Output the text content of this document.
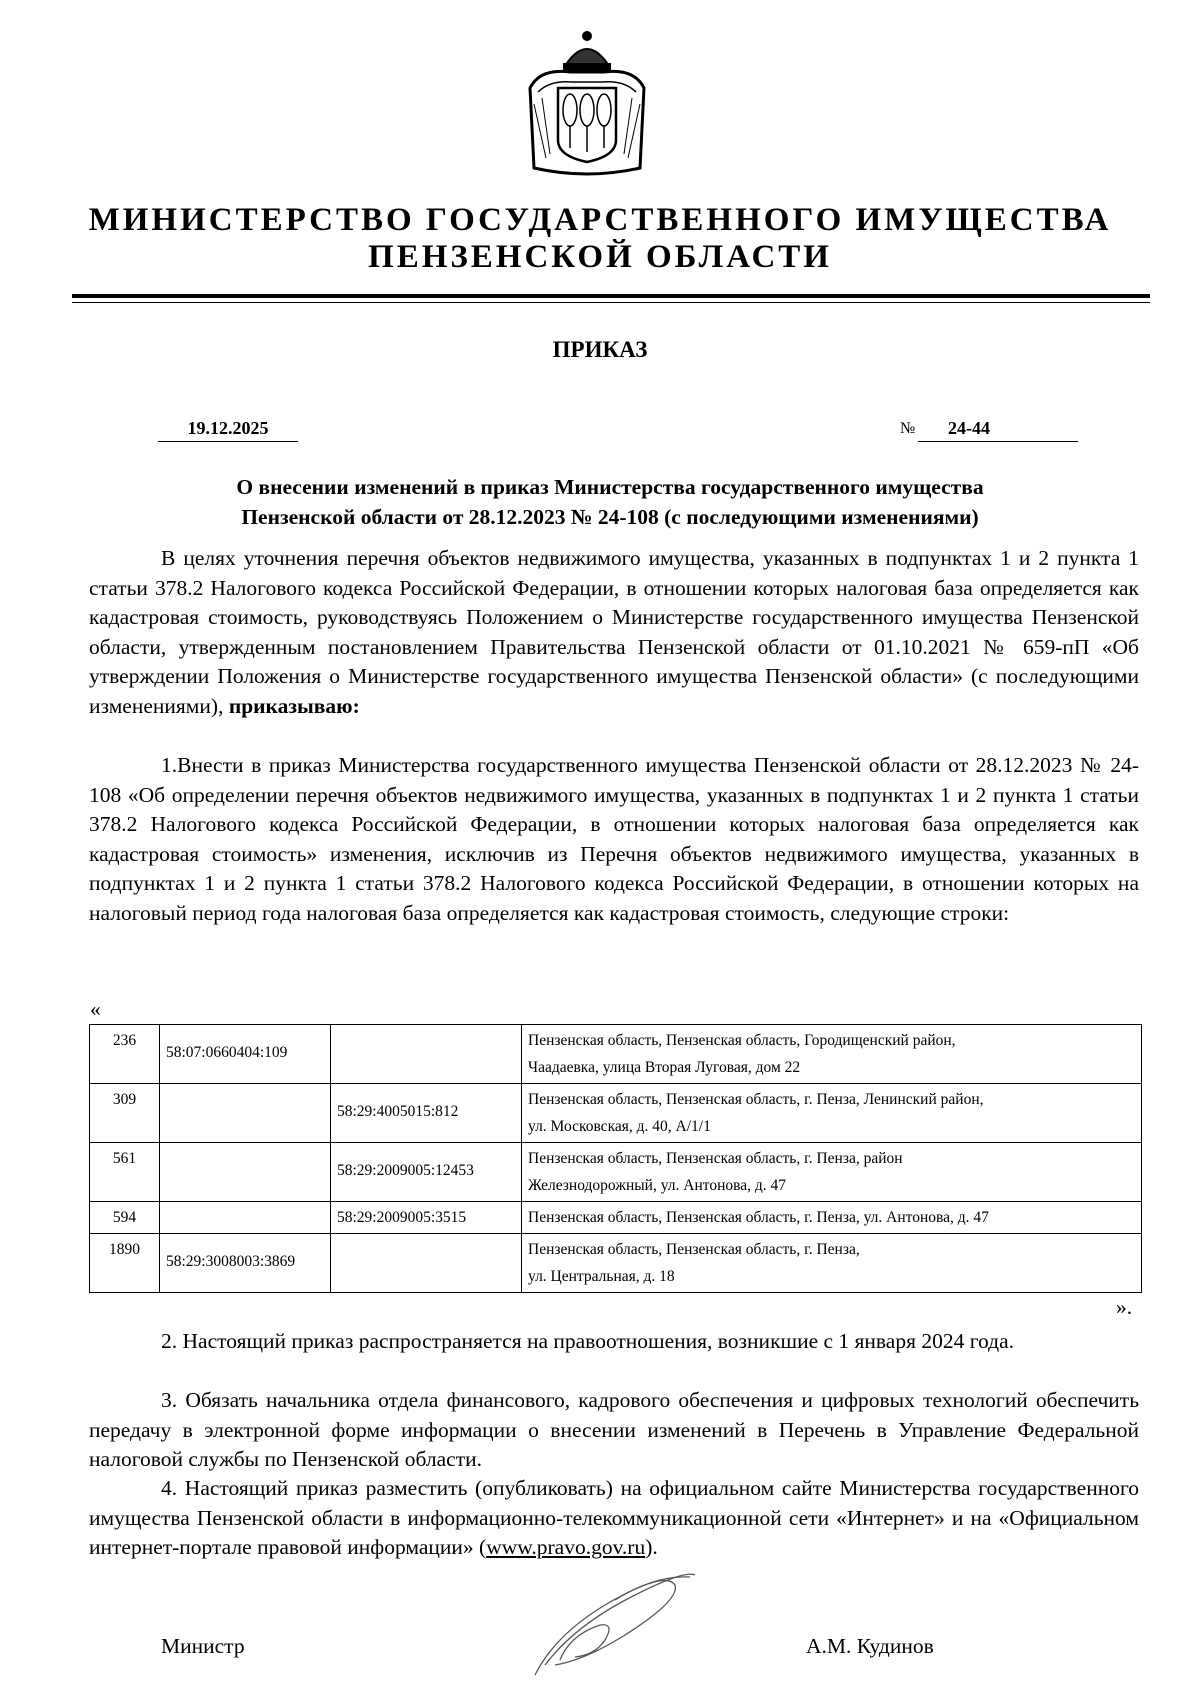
МИНИСТЕРСТВО ГОСУДАРСТВЕННОГО ИМУЩЕСТВА
ПЕНЗЕНСКОЙ ОБЛАСТИ
ПРИКАЗ
19.12.2025	№	24-44
О внесении изменений в приказ Министерства государственного имущества
Пензенской области от 28.12.2023 № 24-108 (с последующими изменениями)

В целях уточнения перечня объектов недвижимого имущества, указанных в подпунктах 1 и 2 пункта 1 статьи 378.2 Налогового кодекса Российской Федерации, в отношении которых налоговая база определяется как кадастровая стоимость, руководствуясь Положением о Министерстве государственного имущества Пензенской области, утвержденным постановлением Правительства Пензенской области от 01.10.2021 № 659-пП «Об утверждении Положения о Министерстве государственного имущества Пензенской области» (с последующими изменениями), приказываю:

1.Внести в приказ Министерства государственного имущества Пензенской области от 28.12.2023 № 24-108 «Об определении перечня объектов недвижимого имущества, указанных в подпунктах 1 и 2 пункта 1 статьи 378.2 Налогового кодекса Российской Федерации, в отношении которых налоговая база определяется как кадастровая стоимость» изменения, исключив из Перечня объектов недвижимого имущества, указанных в подпунктах 1 и 2 пункта 1 статьи 378.2 Налогового кодекса Российской Федерации, в отношении которых на налоговый период года налоговая база определяется как кадастровая стоимость, следующие строки:

«
236	58:07:0660404:109		Пензенская область, Пензенская область, Городищенский район,
Чаадаевка, улица Вторая Луговая, дом 22

309		58:29:4005015:812	Пензенская область, Пензенская область, г. Пенза, Ленинский район,
ул. Московская, д. 40, А/1/1

561		58:29:2009005:12453	Пензенская область, Пензенская область, г. Пенза, район
Железнодорожный, ул. Антонова, д. 47

594		58:29:2009005:3515	Пензенская область, Пензенская область, г. Пенза, ул. Антонова, д. 47

1890	58:29:3008003:3869		Пензенская область, Пензенская область, г. Пенза,
ул. Центральная, д. 18
».

2. Настоящий приказ распространяется на правоотношения, возникшие с 1 января 2024 года.

3. Обязать начальника отдела финансового, кадрового обеспечения и цифровых технологий обеспечить передачу в электронной форме информации о внесении изменений в Перечень в Управление Федеральной налоговой службы по Пензенской области.

4. Настоящий приказ разместить (опубликовать) на официальном сайте Министерства государственного имущества Пензенской области в информационно-телекоммуникационной сети «Интернет» и на «Официальном интернет-портале правовой информации» (www.pravo.gov.ru).

Министр	А.М. Кудинов
